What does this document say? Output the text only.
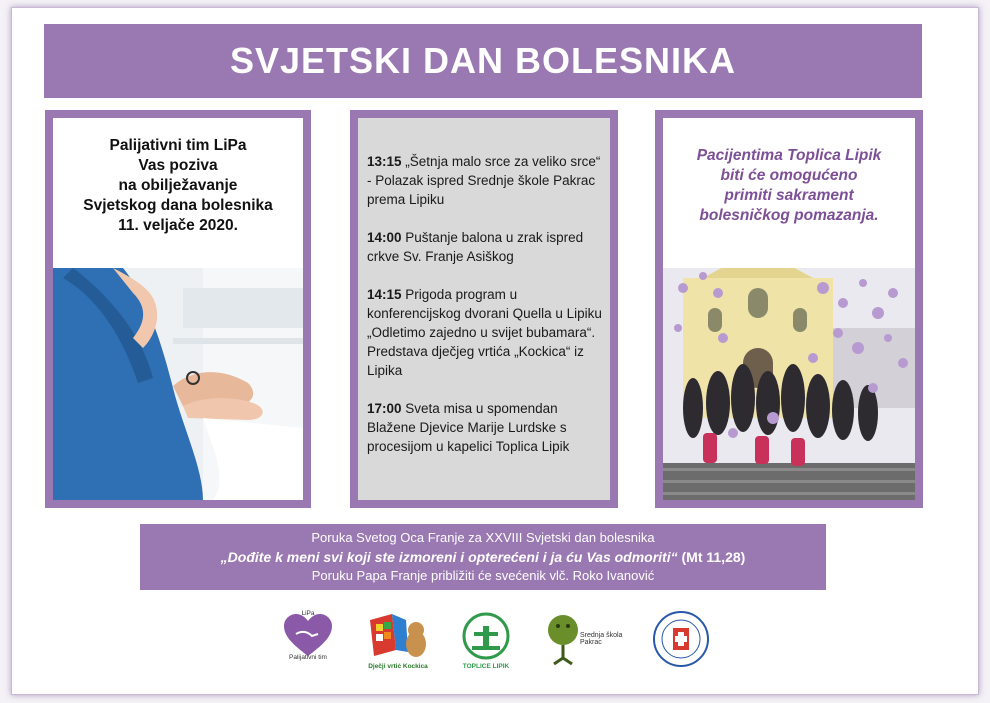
SVJETSKI DAN BOLESNIKA
Palijativni tim LiPa
Vas poziva
na obilježavanje
Svjetskog dana bolesnika
11. veljače 2020.
13:15 „Šetnja malo srce za veliko srce“ - Polazak ispred Srednje škole Pakrac prema Lipiku
14:00 Puštanje balona u zrak ispred crkve Sv. Franje Asiškog
14:15 Prigoda program u konferencijskog dvorani Quella u Lipiku „Odletimo zajedno u svijet bubamara“. Predstava dječjeg vrtića „Kockica“ iz Lipika
17:00 Sveta misa u spomendan Blažene Djevice Marije Lurdske s procesijom u kapelici Toplica Lipik
Pacijentima Toplica Lipik
biti će omogućeno
primiti sakrament
bolesničkog pomazanja.
Poruka Svetog Oca Franje za XXVIII Svjetski dan bolesnika
„Dođite k meni svi koji ste izmoreni i opterećeni i ja ću Vas odmoriti“ (Mt 11,28)
Poruku Papa Franje približiti će svećenik vlč. Roko Ivanović
LiPa
Palijativni tim
Dječji vrtić Kockica	TOPLICE LIPIK
Srednja škola Pakrac
